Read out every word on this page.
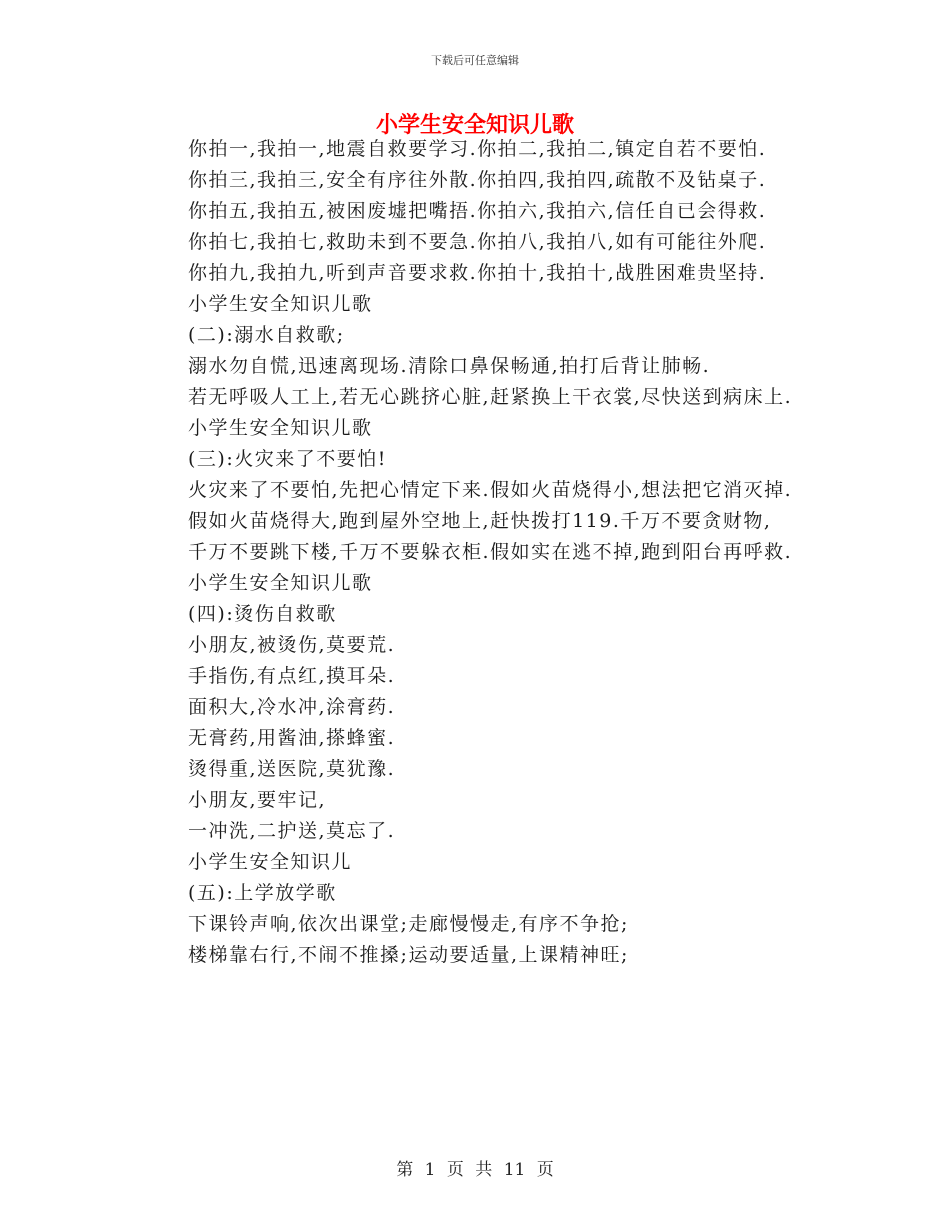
下载后可任意编辑
小学生安全知识儿歌

你拍一,我拍一,地震自救要学习.你拍二,我拍二,镇定自若不要怕.

你拍三,我拍三,安全有序往外散.你拍四,我拍四,疏散不及钻桌子.

你拍五,我拍五,被困废墟把嘴捂.你拍六,我拍六,信任自已会得救.

你拍七,我拍七,救助未到不要急.你拍八,我拍八,如有可能往外爬.

你拍九,我拍九,听到声音要求救.你拍十,我拍十,战胜困难贵坚持.

小学生安全知识儿歌

(二):溺水自救歌;

溺水勿自慌,迅速离现场.清除口鼻保畅通,拍打后背让肺畅.

若无呼吸人工上,若无心跳挤心脏,赶紧换上干衣裳,尽快送到病床上.

小学生安全知识儿歌

(三):火灾来了不要怕!

火灾来了不要怕,先把心情定下来.假如火苗烧得小,想法把它消灭掉.

假如火苗烧得大,跑到屋外空地上,赶快拨打119.千万不要贪财物,

千万不要跳下楼,千万不要躲衣柜.假如实在逃不掉,跑到阳台再呼救.

小学生安全知识儿歌

(四):烫伤自救歌

小朋友,被烫伤,莫要荒.

手指伤,有点红,摸耳朵.

面积大,冷水冲,涂膏药.

无膏药,用酱油,搽蜂蜜.

烫得重,送医院,莫犹豫.

小朋友,要牢记,

一冲洗,二护送,莫忘了.

小学生安全知识儿

(五):上学放学歌

下课铃声响,依次出课堂;走廊慢慢走,有序不争抢;

楼梯靠右行,不闹不推搡;运动要适量,上课精神旺;

第 1 页 共 11 页
